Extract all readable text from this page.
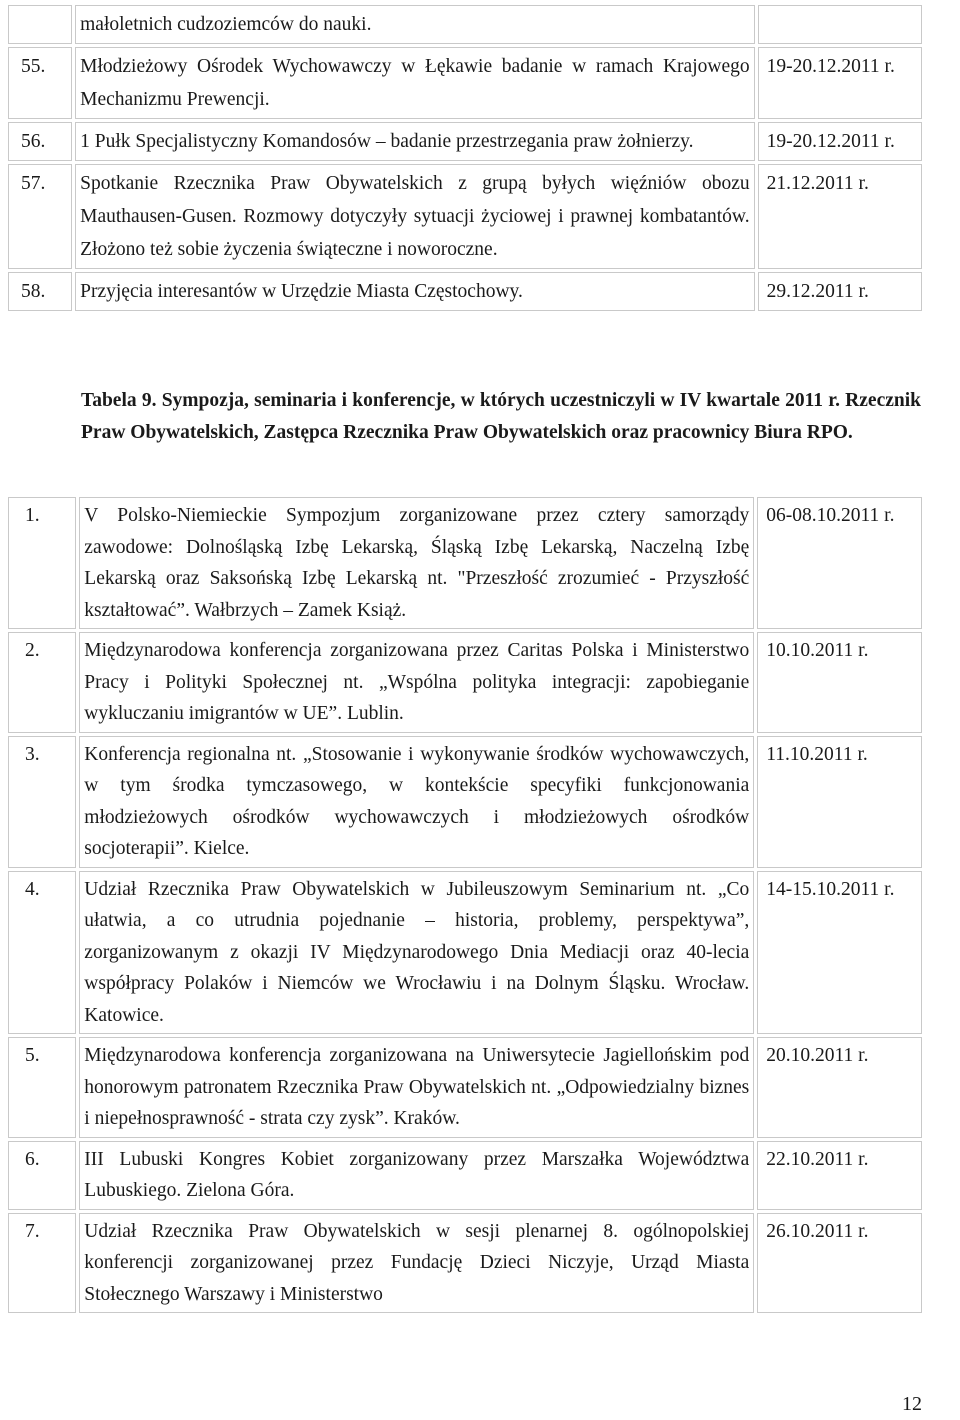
	małoletnich cudzoziemców do nauki.	
55.	Młodzieżowy Ośrodek Wychowawczy w Łękawie badanie w ramach Krajowego Mechanizmu Prewencji.	19-20.12.2011 r.
56.	1 Pułk Specjalistyczny Komandosów – badanie przestrzegania praw żołnierzy.	19-20.12.2011 r.
57.	Spotkanie Rzecznika Praw Obywatelskich z grupą byłych więźniów obozu Mauthausen-Gusen. Rozmowy dotyczyły sytuacji życiowej i prawnej kombatantów. Złożono też sobie życzenia świąteczne i noworoczne.	21.12.2011 r.
58.	Przyjęcia interesantów w Urzędzie Miasta Częstochowy.	29.12.2011 r.
Tabela 9. Sympozja, seminaria i konferencje, w których uczestniczyli w IV kwartale 2011 r. Rzecznik Praw Obywatelskich, Zastępca Rzecznika Praw Obywatelskich oraz pracownicy Biura RPO.
1.	V Polsko-Niemieckie Sympozjum zorganizowane przez cztery samorządy zawodowe: Dolnośląską Izbę Lekarską, Śląską Izbę Lekarską, Naczelną Izbę Lekarską oraz Saksońską Izbę Lekarską nt. "Przeszłość zrozumieć - Przyszłość kształtować”. Wałbrzych – Zamek Książ.	06-08.10.2011 r.
2.	Międzynarodowa konferencja zorganizowana przez Caritas Polska i Ministerstwo Pracy i Polityki Społecznej nt. „Wspólna polityka integracji: zapobieganie wykluczaniu imigrantów w UE”. Lublin.	10.10.2011 r.
3.	Konferencja regionalna nt. „Stosowanie i wykonywanie środków wychowawczych, w tym środka tymczasowego, w kontekście specyfiki funkcjonowania młodzieżowych ośrodków wychowawczych i młodzieżowych ośrodków socjoterapii”. Kielce.	11.10.2011 r.
4.	Udział Rzecznika Praw Obywatelskich w Jubileuszowym Seminarium nt. „Co ułatwia, a co utrudnia pojednanie – historia, problemy, perspektywa”, zorganizowanym z okazji IV Międzynarodowego Dnia Mediacji oraz 40-lecia współpracy Polaków i Niemców we Wrocławiu i na Dolnym Śląsku. Wrocław. Katowice.	14-15.10.2011 r.
5.	Międzynarodowa konferencja zorganizowana na Uniwersytecie Jagiellońskim pod honorowym patronatem Rzecznika Praw Obywatelskich nt. „Odpowiedzialny biznes i niepełnosprawność - strata czy zysk”. Kraków.	20.10.2011 r.
6.	III Lubuski Kongres Kobiet zorganizowany przez Marszałka Województwa Lubuskiego. Zielona Góra.	22.10.2011 r.
7.	Udział Rzecznika Praw Obywatelskich w sesji plenarnej 8. ogólnopolskiej konferencji zorganizowanej przez Fundację Dzieci Niczyje, Urząd Miasta Stołecznego Warszawy i Ministerstwo	26.10.2011 r.
12
